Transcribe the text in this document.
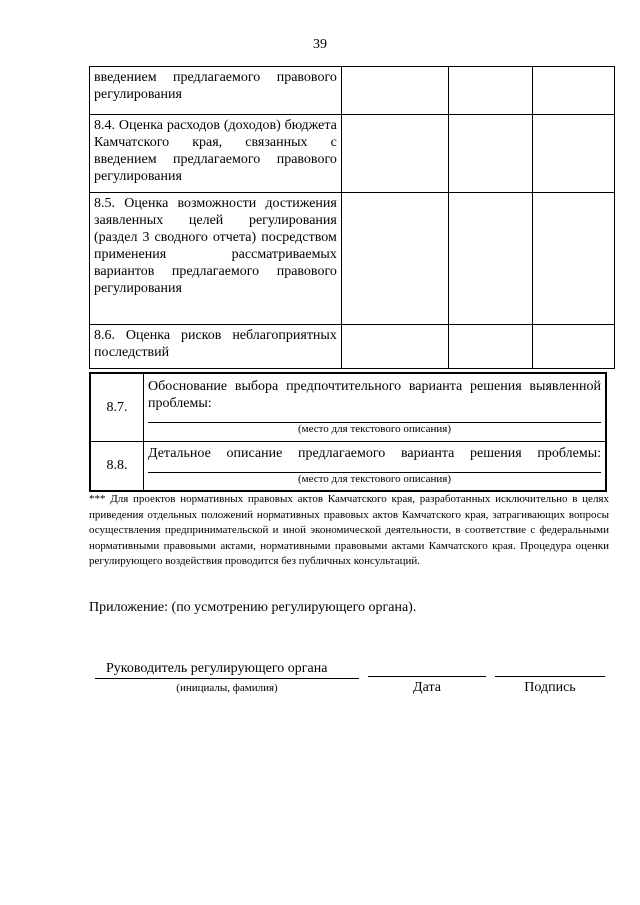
39
введением предлагаемого правового регулирования			
8.4. Оценка расходов (доходов) бюджета Камчатского края, связанных с введением предлагаемого правового регулирования			
8.5. Оценка возможности достижения заявленных целей регулирования (раздел 3 сводного отчета) посредством применения рассматриваемых вариантов предлагаемого правового регулирования			
8.6. Оценка рисков неблагоприятных последствий			
8.7.	Обоснование выбора предпочтительного варианта решения выявленной проблемы:
(место для текстового описания)

8.8.	Детальное описание предлагаемого варианта решения проблемы:
(место для текстового описания)
*** Для проектов нормативных правовых актов Камчатского края, разработанных исключительно в целях приведения отдельных положений нормативных правовых актов Камчатского края, затрагивающих вопросы осуществления предпринимательской и иной экономической деятельности, в соответствие с федеральными нормативными правовыми актами, нормативными правовыми актами Камчатского края. Процедура оценки регулирующего воздействия проводится без публичных консультаций.
Приложение: (по усмотрению регулирующего органа).
Руководитель регулирующего органа
(инициалы, фамилия)	Дата	Подпись
